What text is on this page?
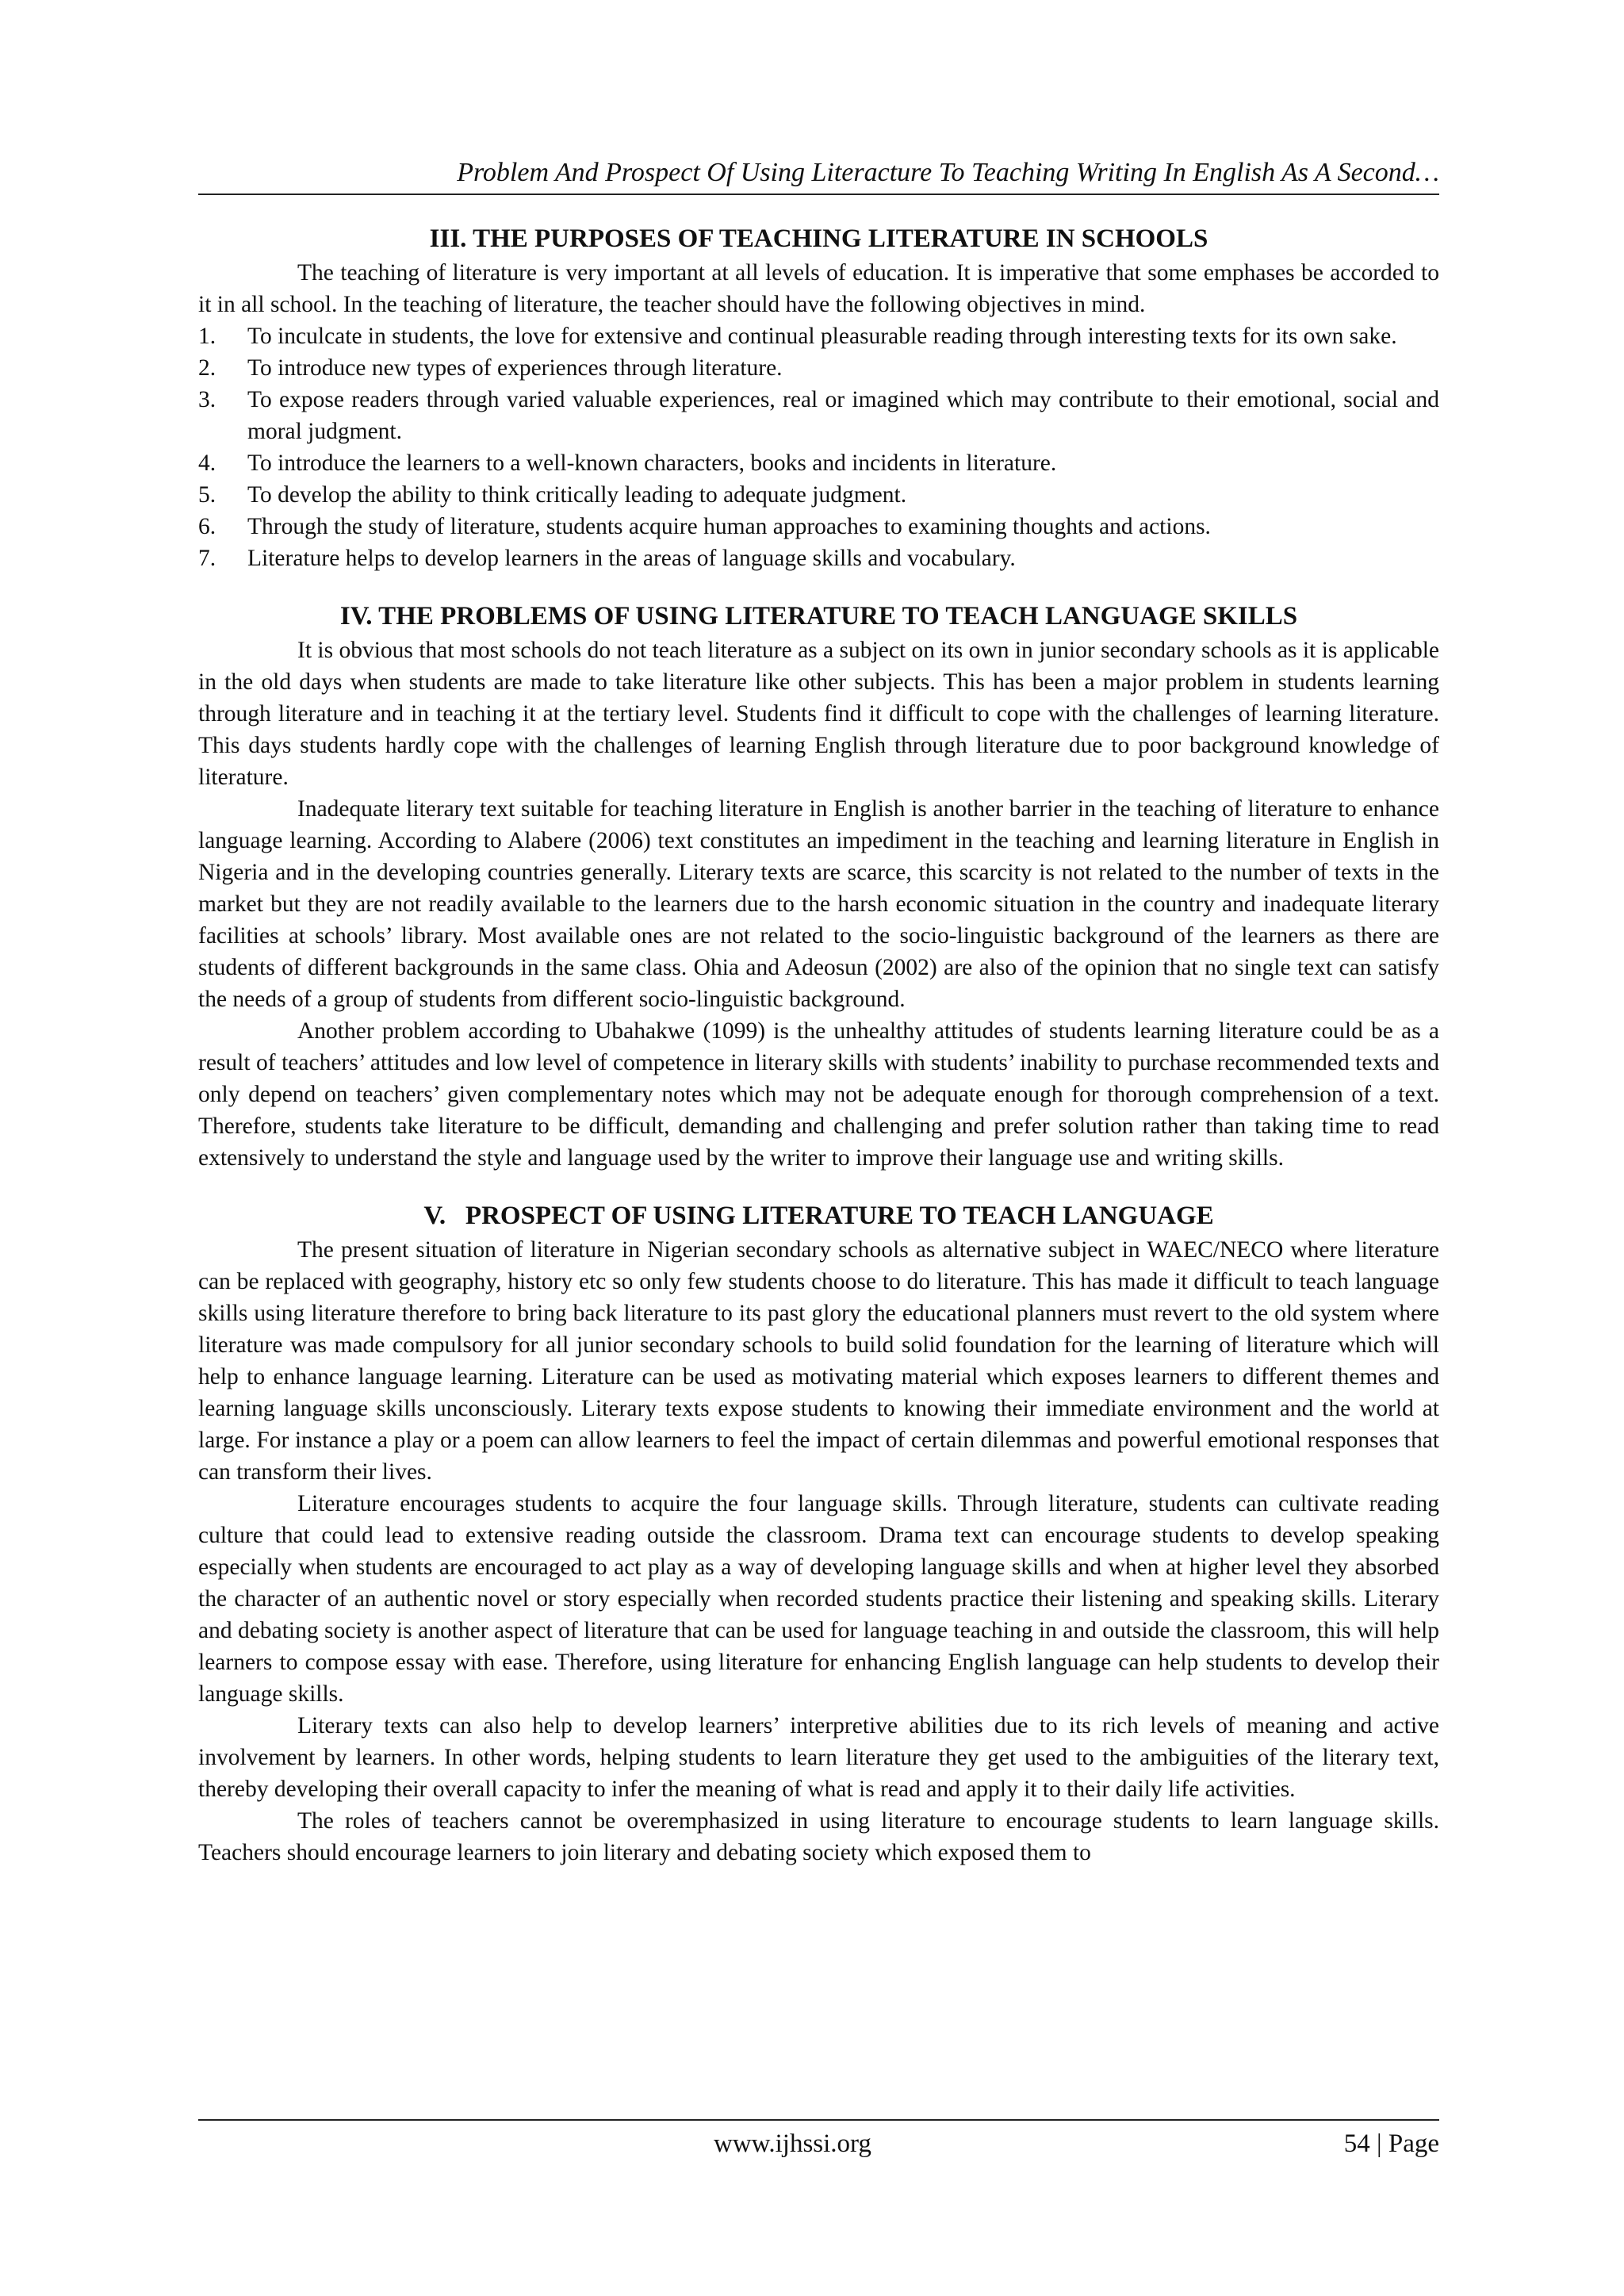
Problem And Prospect Of Using Literacture To Teaching Writing In English As A Second…
III. THE PURPOSES OF TEACHING LITERATURE IN SCHOOLS

The teaching of literature is very important at all levels of education. It is imperative that some emphases be accorded to it in all school. In the teaching of literature, the teacher should have the following objectives in mind.

1. To inculcate in students, the love for extensive and continual pleasurable reading through interesting texts for its own sake.
2. To introduce new types of experiences through literature.
3. To expose readers through varied valuable experiences, real or imagined which may contribute to their emotional, social and moral judgment.
4. To introduce the learners to a well-known characters, books and incidents in literature.
5. To develop the ability to think critically leading to adequate judgment.
6. Through the study of literature, students acquire human approaches to examining thoughts and actions.
7. Literature helps to develop learners in the areas of language skills and vocabulary.
IV. THE PROBLEMS OF USING LITERATURE TO TEACH LANGUAGE SKILLS

It is obvious that most schools do not teach literature as a subject on its own in junior secondary schools as it is applicable in the old days when students are made to take literature like other subjects. This has been a major problem in students learning through literature and in teaching it at the tertiary level. Students find it difficult to cope with the challenges of learning literature. This days students hardly cope with the challenges of learning English through literature due to poor background knowledge of literature.

Inadequate literary text suitable for teaching literature in English is another barrier in the teaching of literature to enhance language learning. According to Alabere (2006) text constitutes an impediment in the teaching and learning literature in English in Nigeria and in the developing countries generally. Literary texts are scarce, this scarcity is not related to the number of texts in the market but they are not readily available to the learners due to the harsh economic situation in the country and inadequate literary facilities at schools’ library. Most available ones are not related to the socio-linguistic background of the learners as there are students of different backgrounds in the same class. Ohia and Adeosun (2002) are also of the opinion that no single text can satisfy the needs of a group of students from different socio-linguistic background.

Another problem according to Ubahakwe (1099) is the unhealthy attitudes of students learning literature could be as a result of teachers’ attitudes and low level of competence in literary skills with students’ inability to purchase recommended texts and only depend on teachers’ given complementary notes which may not be adequate enough for thorough comprehension of a text. Therefore, students take literature to be difficult, demanding and challenging and prefer solution rather than taking time to read extensively to understand the style and language used by the writer to improve their language use and writing skills.

V.   PROSPECT OF USING LITERATURE TO TEACH LANGUAGE

The present situation of literature in Nigerian secondary schools as alternative subject in WAEC/NECO where literature can be replaced with geography, history etc so only few students choose to do literature. This has made it difficult to teach language skills using literature therefore to bring back literature to its past glory the educational planners must revert to the old system where literature was made compulsory for all junior secondary schools to build solid foundation for the learning of literature which will help to enhance language learning. Literature can be used as motivating material which exposes learners to different themes and learning language skills unconsciously. Literary texts expose students to knowing their immediate environment and the world at large. For instance a play or a poem can allow learners to feel the impact of certain dilemmas and powerful emotional responses that can transform their lives.

Literature encourages students to acquire the four language skills. Through literature, students can cultivate reading culture that could lead to extensive reading outside the classroom. Drama text can encourage students to develop speaking especially when students are encouraged to act play as a way of developing language skills and when at higher level they absorbed the character of an authentic novel or story especially when recorded students practice their listening and speaking skills. Literary and debating society is another aspect of literature that can be used for language teaching in and outside the classroom, this will help learners to compose essay with ease. Therefore, using literature for enhancing English language can help students to develop their language skills.

Literary texts can also help to develop learners’ interpretive abilities due to its rich levels of meaning and active involvement by learners. In other words, helping students to learn literature they get used to the ambiguities of the literary text, thereby developing their overall capacity to infer the meaning of what is read and apply it to their daily life activities.

The roles of teachers cannot be overemphasized in using literature to encourage students to learn language skills. Teachers should encourage learners to join literary and debating society which exposed them to

www.ijhssi.org	54 | Page
